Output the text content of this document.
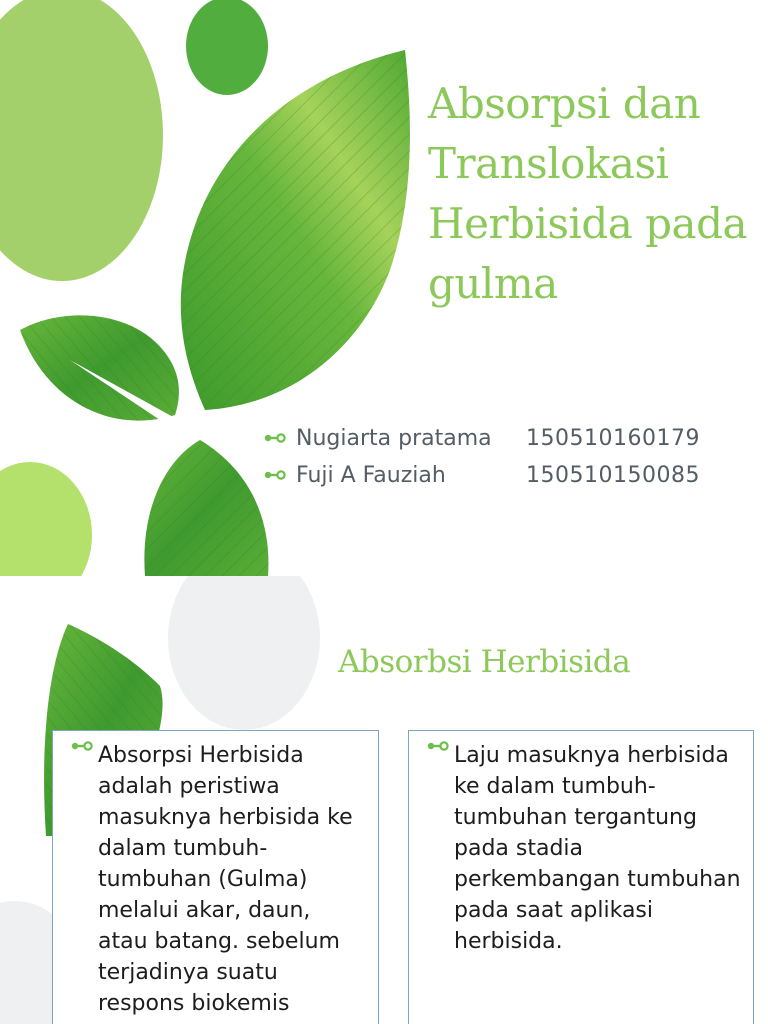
Absorpsi dan Translokasi Herbisida pada gulma
Nugiarta pratama 150510160179
Fuji A Fauziah	150510150085
Absorbsi Herbisida

Absorpsi Herbisida adalah peristiwa masuknya herbisida ke dalam tumbuh-tumbuhan (Gulma) melalui akar, daun, atau batang. sebelum terjadinya suatu respons biokemis

Laju masuknya herbisida ke dalam tumbuh-tumbuhan tergantung pada stadia perkembangan tumbuhan pada saat aplikasi herbisida.
